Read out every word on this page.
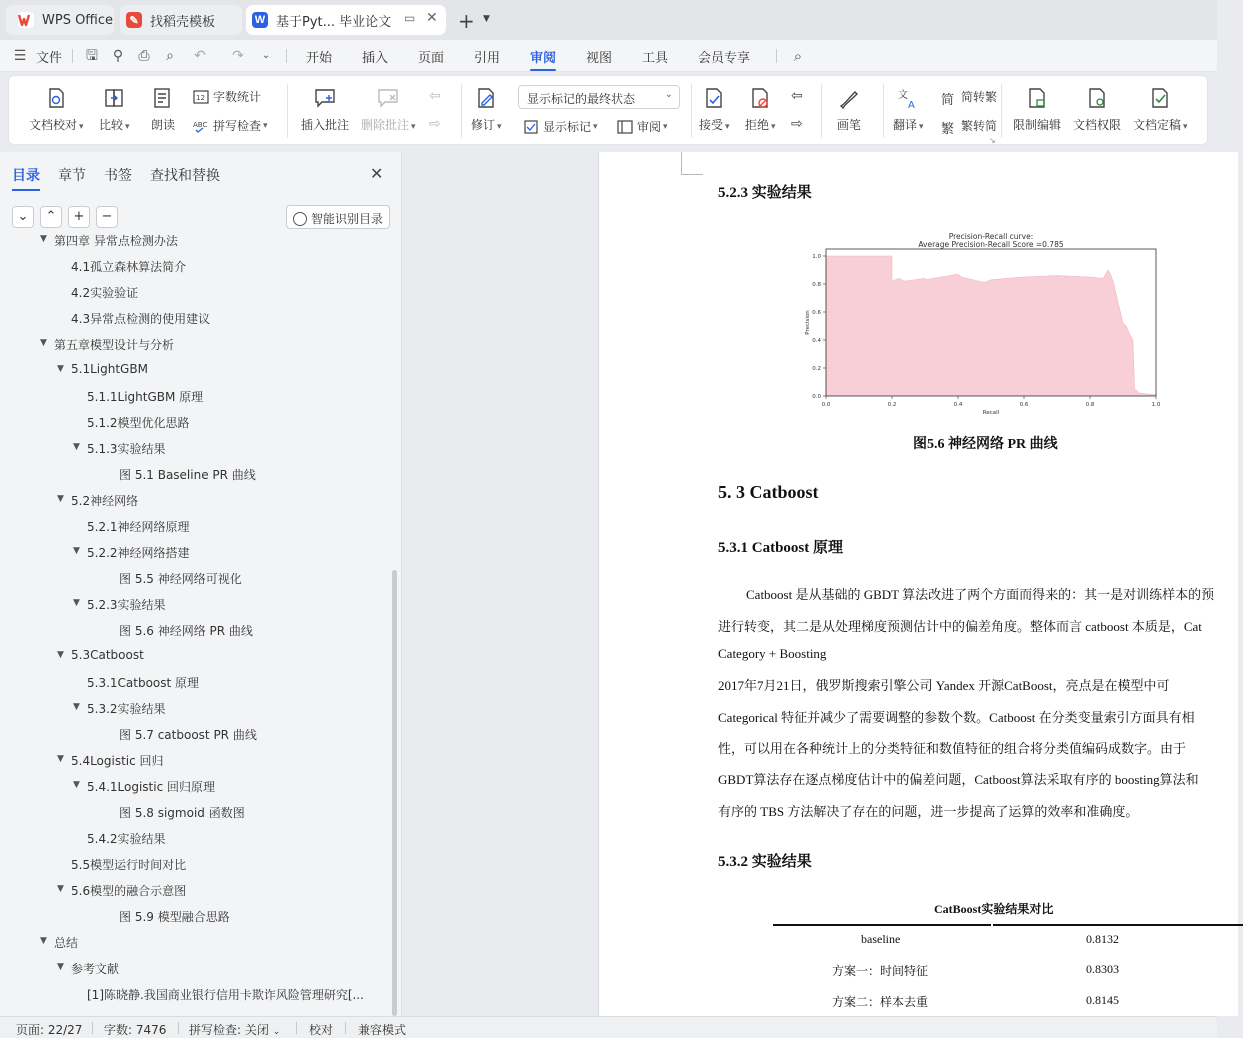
WPS Office	✎ 找稻壳模板	W 基于Pyt... 毕业论文 ▭ ✕ + ▼
☰ 文件 🖫 ⚲ ⎙ ⌕ ↶ ↷	⌄	开始 插入 页面 引用 审阅 视图 工具 会员专享	⌕
文档校对 ▾ 比较 ▾ 朗读
12 字数统计
ABC 拼写检查 ▾	插入批注 删除批注 ▾
⇦
⇨	修订 ▾
显示标记的最终状态	⌄
显示标记 ▾	审阅 ▾	接受 ▾ 拒绝 ▾
⇦
⇨	画笔
文
A
翻译 ▾
简 简转繁
繁 繁转简
↘
限制编辑 文档权限 文档定稿 ▾
目录 章节 书签 查找和替换	✕
⌄	⌃	+	−	智能识别目录
▼ 第四章 异常点检测办法
4.1孤立森林算法简介
4.2实验验证
4.3异常点检测的使用建议
▼ 第五章模型设计与分析
▼ 5.1LightGBM
5.1.1LightGBM 原理
5.1.2模型优化思路
▼ 5.1.3实验结果
图 5.1 Baseline PR 曲线
▼ 5.2神经网络
5.2.1神经网络原理
▼ 5.2.2神经网络搭建
图 5.5 神经网络可视化
▼ 5.2.3实验结果
图 5.6 神经网络 PR 曲线
▼ 5.3Catboost
5.3.1Catboost 原理
▼ 5.3.2实验结果
图 5.7 catboost PR 曲线
▼ 5.4Logistic 回归
▼ 5.4.1Logistic 回归原理
图 5.8 sigmoid 函数图
5.4.2实验结果
5.5模型运行时间对比
▼ 5.6模型的融合示意图
图 5.9 模型融合思路
▼ 总结
▼ 参考文献
[1]陈晓静.我国商业银行信用卡欺诈风险管理研究[...
5.2.3 实验结果
Precision-Recall curve:
Average Precision-Recall Score =0.785
0.0	0.2	0.4	0.6	0.8	1.0
0.0
0.2
0.4
0.6
0.8
1.0
Recall
Precision
图5.6 神经网络 PR 曲线
5. 3 Catboost
5.3.1 Catboost 原理
Catboost 是从基础的 GBDT 算法改进了两个方面而得来的：其一是对训练样本的预
进行转变，其二是从处理梯度预测估计中的偏差角度。整体而言 catboost 本质是，Cat
Category + Boosting
2017年7月21日，俄罗斯搜索引擎公司 Yandex 开源CatBoost，亮点是在模型中可
Categorical 特征并减少了需要调整的参数个数。Catboost 在分类变量索引方面具有相
性，可以用在各种统计上的分类特征和数值特征的组合将分类值编码成数字。由于
GBDT算法存在逐点梯度估计中的偏差问题，Catboost算法采取有序的 boosting算法和
有序的 TBS 方法解决了存在的问题，进一步提高了运算的效率和准确度。
5.3.2 实验结果
CatBoost实验结果对比
baseline	0.8132
方案一：时间特征	0.8303
方案二：样本去重	0.8145
页面: 22/27 字数: 7476 拼写检查: 关闭 ⌄ 校对 兼容模式
